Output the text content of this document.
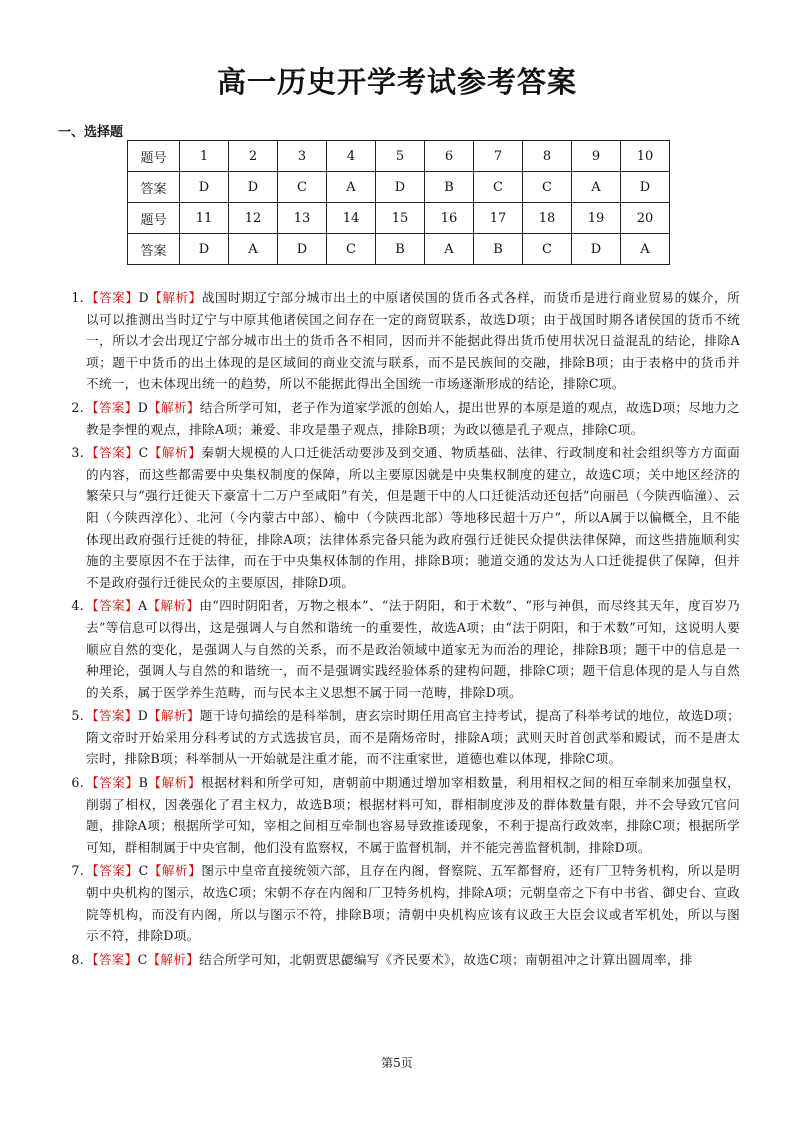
高一历史开学考试参考答案
一、选择题
题号	1	2	3	4	5	6	7	8	9	10
答案	D	D	C	A	D	B	C	C	A	D
题号	11	12	13	14	15	16	17	18	19	20
答案	D	A	D	C	B	A	B	C	D	A
1. 【答案】D【解析】战国时期辽宁部分城市出土的中原诸侯国的货币各式各样，而货币是进行商业贸易的媒介，所以可以推测出当时辽宁与中原其他诸侯国之间存在一定的商贸联系，故选D项；由于战国时期各诸侯国的货币不统一，所以才会出现辽宁部分城市出土的货币各不相同，因而并不能据此得出货币使用状况日益混乱的结论，排除A项；题干中货币的出土体现的是区域间的商业交流与联系，而不是民族间的交融，排除B项；由于表格中的货币并不统一，也未体现出统一的趋势，所以不能据此得出全国统一市场逐渐形成的结论，排除C项。
2. 【答案】D【解析】结合所学可知，老子作为道家学派的创始人，提出世界的本原是道的观点，故选D项；尽地力之教是李悝的观点，排除A项；兼爱、非攻是墨子观点，排除B项；为政以德是孔子观点，排除C项。
3. 【答案】C【解析】秦朝大规模的人口迁徙活动要涉及到交通、物质基础、法律、行政制度和社会组织等方方面面的内容，而这些都需要中央集权制度的保障，所以主要原因就是中央集权制度的建立，故选C项；关中地区经济的繁荣只与“强行迁徙天下豪富十二万户至咸阳”有关，但是题干中的人口迁徙活动还包括“向丽邑（今陕西临潼）、云阳（今陕西淳化）、北河（今内蒙古中部）、榆中（今陕西北部）等地移民超十万户”，所以A属于以偏概全，且不能体现出政府强行迁徙的特征，排除A项；法律体系完备只能为政府强行迁徙民众提供法律保障，而这些措施顺利实施的主要原因不在于法律，而在于中央集权体制的作用，排除B项；驰道交通的发达为人口迁徙提供了保障，但并不是政府强行迁徙民众的主要原因，排除D项。
4. 【答案】A【解析】由“四时阴阳者，万物之根本”、“法于阴阳，和于术数”、“形与神俱，而尽终其天年，度百岁乃去”等信息可以得出，这是强调人与自然和谐统一的重要性，故选A项；由“法于阴阳，和于术数”可知，这说明人要顺应自然的变化，是强调人与自然的关系，而不是政治领域中道家无为而治的理论，排除B项；题干中的信息是一种理论，强调人与自然的和谐统一，而不是强调实践经验体系的建构问题，排除C项；题干信息体现的是人与自然的关系，属于医学养生范畴，而与民本主义思想不属于同一范畴，排除D项。
5. 【答案】D【解析】题干诗句描绘的是科举制，唐玄宗时期任用高官主持考试，提高了科举考试的地位，故选D项；隋文帝时开始采用分科考试的方式选拔官员，而不是隋炀帝时，排除A项；武则天时首创武举和殿试，而不是唐太宗时，排除B项；科举制从一开始就是注重才能，而不注重家世，道德也难以体现，排除C项。
6. 【答案】B【解析】根据材料和所学可知，唐朝前中期通过增加宰相数量，利用相权之间的相互牵制来加强皇权，削弱了相权，因袭强化了君主权力，故选B项；根据材料可知，群相制度涉及的群体数量有限，并不会导致冗官问题，排除A项；根据所学可知，宰相之间相互牵制也容易导致推诿现象，不利于提高行政效率，排除C项；根据所学可知，群相制属于中央官制，他们没有监察权，不属于监督机制，并不能完善监督机制，排除D项。
7. 【答案】C【解析】图示中皇帝直接统领六部，且存在内阁，督察院、五军都督府，还有厂卫特务机构，所以是明朝中央机构的图示，故选C项；宋朝不存在内阁和厂卫特务机构，排除A项；元朝皇帝之下有中书省、御史台、宣政院等机构，而没有内阁，所以与图示不符，排除B项；清朝中央机构应该有议政王大臣会议或者军机处，所以与图示不符，排除D项。
8. 【答案】C【解析】结合所学可知，北朝贾思勰编写《齐民要术》，故选C项；南朝祖冲之计算出圆周率，排
第5页
